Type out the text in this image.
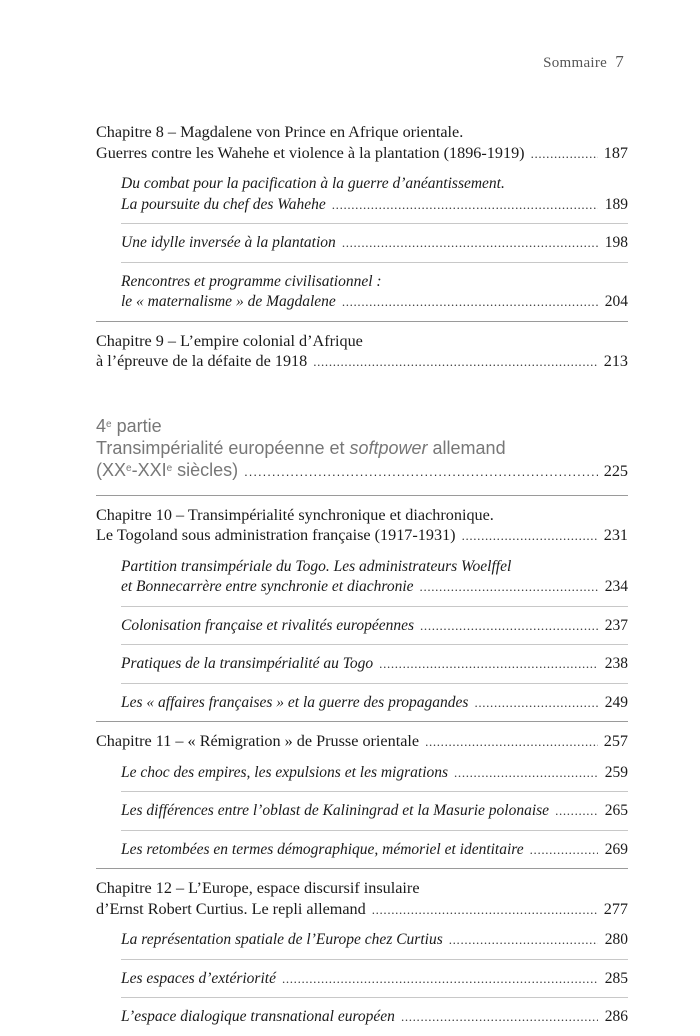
Sommaire 7
Chapitre 8 – Magdalene von Prince en Afrique orientale.
Guerres contre les Wahehe et violence à la plantation (1896-1919) . . .	187
Du combat pour la pacification à la guerre d’anéantissement.
La poursuite du chef des Wahehe . . .	189
Une idylle inversée à la plantation . . .	198
Rencontres et programme civilisationnel :
le « maternalisme » de Magdalene . . .	204
Chapitre 9 – L’empire colonial d’Afrique
à l’épreuve de la défaite de 1918 . . .	213
4e partie
Transimpérialité européenne et softpower allemand
(XXe-XXIe siècles) . . .	225
Chapitre 10 – Transimpérialité synchronique et diachronique.
Le Togoland sous administration française (1917-1931) . . .	231
Partition transimpériale du Togo. Les administrateurs Woelffel
et Bonnecarrère entre synchronie et diachronie . . .	234
Colonisation française et rivalités européennes . . .	237
Pratiques de la transimpérialité au Togo . . .	238
Les « affaires françaises » et la guerre des propagandes . . .	249
Chapitre 11 – « Rémigration » de Prusse orientale . . .	257
Le choc des empires, les expulsions et les migrations . . .	259
Les différences entre l’oblast de Kaliningrad et la Masurie polonaise . . .	265
Les retombées en termes démographique, mémoriel et identitaire . . .	269
Chapitre 12 – L’Europe, espace discursif insulaire
d’Ernst Robert Curtius. Le repli allemand . . .	277
La représentation spatiale de l’Europe chez Curtius . . .	280
Les espaces d’extériorité . . .	285
L’espace dialogique transnational européen . . .	286
